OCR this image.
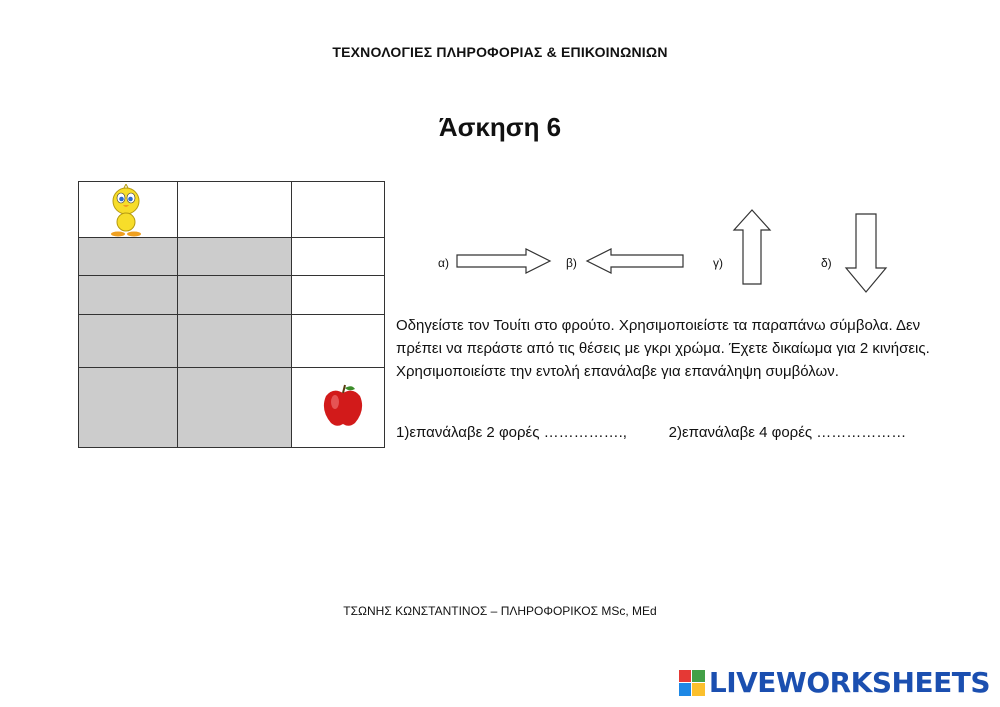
ΤΕΧΝΟΛΟΓΙΕΣ ΠΛΗΡΟΦΟΡΙΑΣ & ΕΠΙΚΟΙΝΩΝΙΩΝ
Άσκηση 6

α)	β)	γ)	δ)
Οδηγείστε τον Τουίτι στο φρούτο. Χρησιμοποιείστε τα παραπάνω σύμβολα. Δεν πρέπει να περάστε από τις θέσεις με γκρι χρώμα. Έχετε δικαίωμα για 2 κινήσεις. Χρησιμοποιείστε την εντολή επανάλαβε για επανάληψη συμβόλων.
1)επανάλαβε 2 φορές …………….,	2)επανάλαβε 4 φορές ………………
ΤΣΩΝΗΣ ΚΩΝΣΤΑΝΤΙΝΟΣ – ΠΛΗΡΟΦΟΡΙΚΟΣ MSc, MEd
LIVEWORKSHEETS
